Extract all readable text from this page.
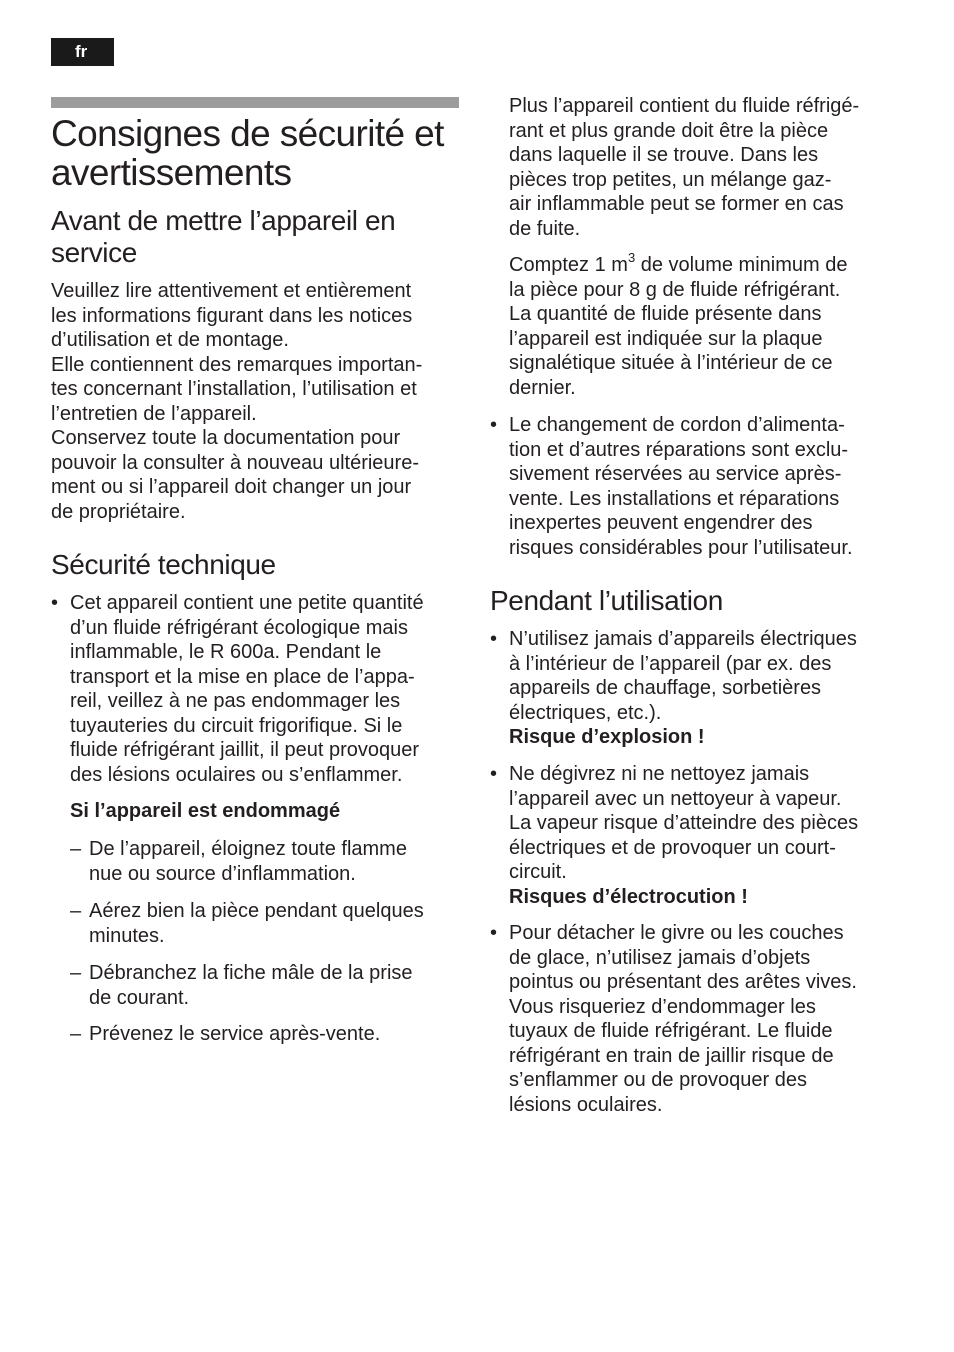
fr
Consignes de sécurité et avertissements
Avant de mettre l’appareil en service
Veuillez lire attentivement et entièrement
les informations figurant dans les notices
d’utilisation et de montage.
Elle contiennent des remarques importan-
tes concernant l’installation, l’utilisation et
l’entretien de l’appareil.
Conservez toute la documentation pour
pouvoir la consulter à nouveau ultérieure-
ment ou si l’appareil doit changer un jour
de propriétaire.
Sécurité technique
• Cet appareil contient une petite quantité
d’un fluide réfrigérant écologique mais
inflammable, le R 600a. Pendant le
transport et la mise en place de l’appa-
reil, veillez à ne pas endommager les
tuyauteries du circuit frigorifique. Si le
fluide réfrigérant jaillit, il peut provoquer
des lésions oculaires ou s’enflammer.
Si l’appareil est endommagé
– De l’appareil, éloignez toute flamme
nue ou source d’inflammation.
– Aérez bien la pièce pendant quelques
minutes.
– Débranchez la fiche mâle de la prise
de courant.
– Prévenez le service après-vente.
Plus l’appareil contient du fluide réfrigé-
rant et plus grande doit être la pièce
dans laquelle il se trouve. Dans les
pièces trop petites, un mélange gaz-
air inflammable peut se former en cas
de fuite.
Comptez 1 $m^3$ de volume minimum de
la pièce pour 8 g de fluide réfrigérant.
La quantité de fluide présente dans
l’appareil est indiquée sur la plaque
signalétique située à l’intérieur de ce
dernier.
• Le changement de cordon d’alimenta-
tion et d’autres réparations sont exclu-
sivement réservées au service après-
vente. Les installations et réparations
inexpertes peuvent engendrer des
risques considérables pour l’utilisateur.
Pendant l’utilisation
• N’utilisez jamais d’appareils électriques
à l’intérieur de l’appareil (par ex. des
appareils de chauffage, sorbetières
électriques, etc.).
Risque d’explosion !
• Ne dégivrez ni ne nettoyez jamais
l’appareil avec un nettoyeur à vapeur.
La vapeur risque d’atteindre des pièces
électriques et de provoquer un court-
circuit.
Risques d’électrocution !
• Pour détacher le givre ou les couches
de glace, n’utilisez jamais d’objets
pointus ou présentant des arêtes vives.
Vous risqueriez d’endommager les
tuyaux de fluide réfrigérant. Le fluide
réfrigérant en train de jaillir risque de
s’enflammer ou de provoquer des
lésions oculaires.
